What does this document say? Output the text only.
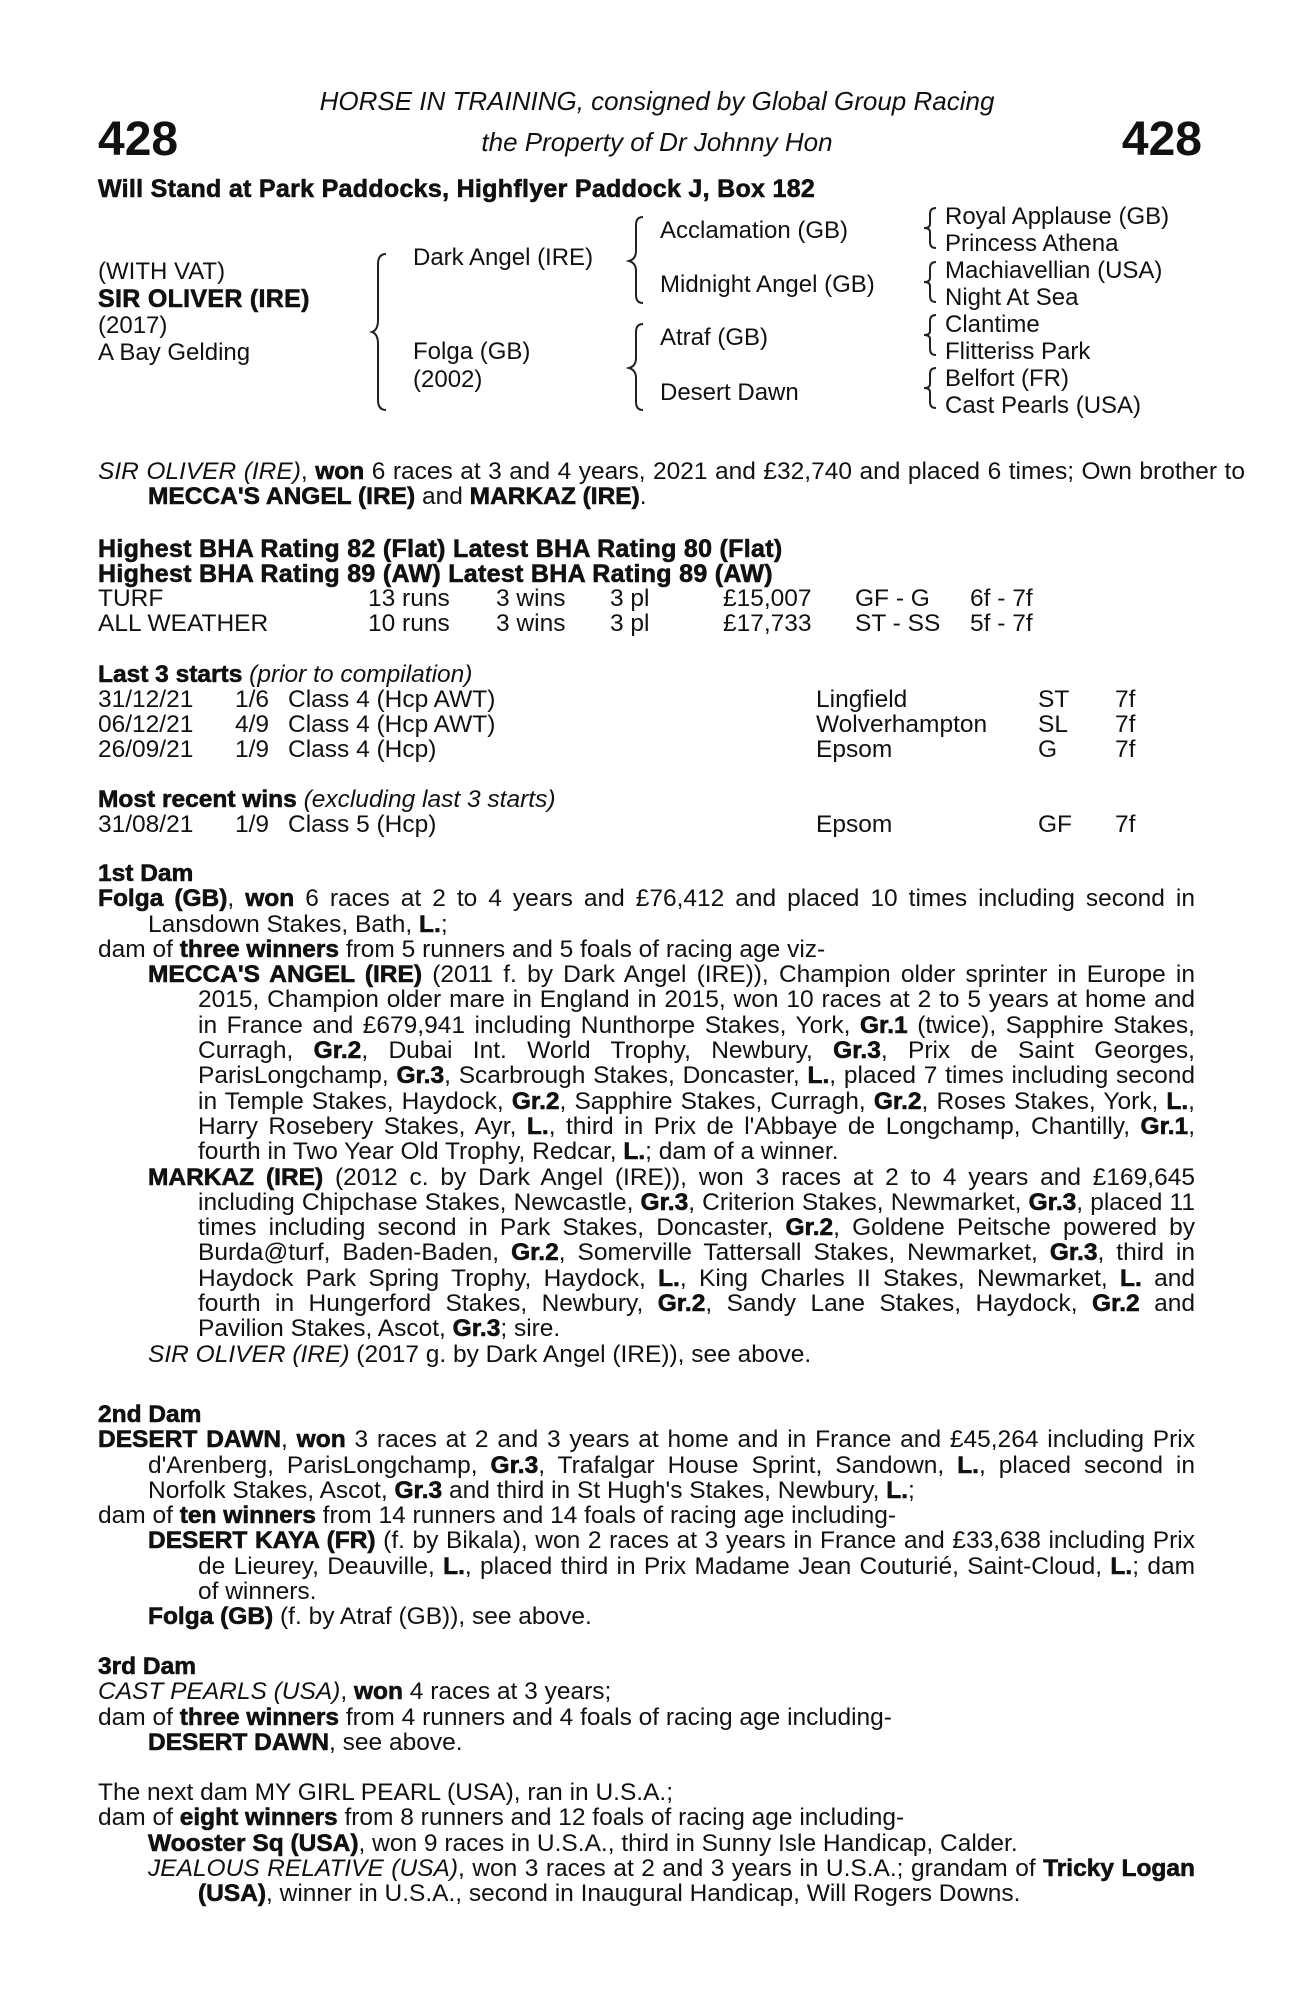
428	428
HORSE IN TRAINING, consigned by Global Group Racing
the Property of Dr Johnny Hon
Will Stand at Park Paddocks, Highflyer Paddock J, Box 182
(WITH VAT)
SIR OLIVER (IRE)
(2017)
A Bay Gelding
Dark Angel (IRE)
Folga (GB)
(2002)
Acclamation (GB)
Midnight Angel (GB)
Atraf (GB)
Desert Dawn
Royal Applause (GB)
Princess Athena
Machiavellian (USA)
Night At Sea
Clantime
Flitteriss Park
Belfort (FR)
Cast Pearls (USA)
SIR OLIVER (IRE), won 6 races at 3 and 4 years, 2021 and £32,740 and placed 6 times; Own brother to MECCA'S ANGEL (IRE) and MARKAZ (IRE).
Highest BHA Rating 82 (Flat) Latest BHA Rating 80 (Flat)
Highest BHA Rating 89 (AW) Latest BHA Rating 89 (AW)
TURF	13 runs 3 wins 3 pl	£15,007 GF - G 6f - 7f
ALL WEATHER	10 runs 3 wins 3 pl	£17,733 ST - SS 5f - 7f
Last 3 starts (prior to compilation)
31/12/21 1/6 Class 4 (Hcp AWT)	Lingfield	ST 7f
06/12/21 4/9 Class 4 (Hcp AWT)	Wolverhampton SL 7f
26/09/21 1/9 Class 4 (Hcp)	Epsom	G 7f
Most recent wins (excluding last 3 starts)
31/08/21 1/9 Class 5 (Hcp)	Epsom	GF 7f
1st Dam
Folga (GB), won 6 races at 2 to 4 years and £76,412 and placed 10 times including second in Lansdown Stakes, Bath, L.;
dam of three winners from 5 runners and 5 foals of racing age viz-
MECCA'S ANGEL (IRE) (2011 f. by Dark Angel (IRE)), Champion older sprinter in Europe in 2015, Champion older mare in England in 2015, won 10 races at 2 to 5 years at home and in France and £679,941 including Nunthorpe Stakes, York, Gr.1 (twice), Sapphire Stakes, Curragh, Gr.2, Dubai Int. World Trophy, Newbury, Gr.3, Prix de Saint Georges, ParisLongchamp, Gr.3, Scarbrough Stakes, Doncaster, L., placed 7 times including second in Temple Stakes, Haydock, Gr.2, Sapphire Stakes, Curragh, Gr.2, Roses Stakes, York, L., Harry Rosebery Stakes, Ayr, L., third in Prix de l'Abbaye de Longchamp, Chantilly, Gr.1, fourth in Two Year Old Trophy, Redcar, L.; dam of a winner.
MARKAZ (IRE) (2012 c. by Dark Angel (IRE)), won 3 races at 2 to 4 years and £169,645 including Chipchase Stakes, Newcastle, Gr.3, Criterion Stakes, Newmarket, Gr.3, placed 11 times including second in Park Stakes, Doncaster, Gr.2, Goldene Peitsche powered by Burda@turf, Baden-Baden, Gr.2, Somerville Tattersall Stakes, Newmarket, Gr.3, third in Haydock Park Spring Trophy, Haydock, L., King Charles II Stakes, Newmarket, L. and fourth in Hungerford Stakes, Newbury, Gr.2, Sandy Lane Stakes, Haydock, Gr.2 and Pavilion Stakes, Ascot, Gr.3; sire.
SIR OLIVER (IRE) (2017 g. by Dark Angel (IRE)), see above.
2nd Dam
DESERT DAWN, won 3 races at 2 and 3 years at home and in France and £45,264 including Prix d'Arenberg, ParisLongchamp, Gr.3, Trafalgar House Sprint, Sandown, L., placed second in Norfolk Stakes, Ascot, Gr.3 and third in St Hugh's Stakes, Newbury, L.;
dam of ten winners from 14 runners and 14 foals of racing age including-
DESERT KAYA (FR) (f. by Bikala), won 2 races at 3 years in France and £33,638 including Prix de Lieurey, Deauville, L., placed third in Prix Madame Jean Couturié, Saint-Cloud, L.; dam of winners.
Folga (GB) (f. by Atraf (GB)), see above.
3rd Dam
CAST PEARLS (USA), won 4 races at 3 years;
dam of three winners from 4 runners and 4 foals of racing age including-
DESERT DAWN, see above.
The next dam MY GIRL PEARL (USA), ran in U.S.A.;
dam of eight winners from 8 runners and 12 foals of racing age including-
Wooster Sq (USA), won 9 races in U.S.A., third in Sunny Isle Handicap, Calder.
JEALOUS RELATIVE (USA), won 3 races at 2 and 3 years in U.S.A.; grandam of Tricky Logan (USA), winner in U.S.A., second in Inaugural Handicap, Will Rogers Downs.
